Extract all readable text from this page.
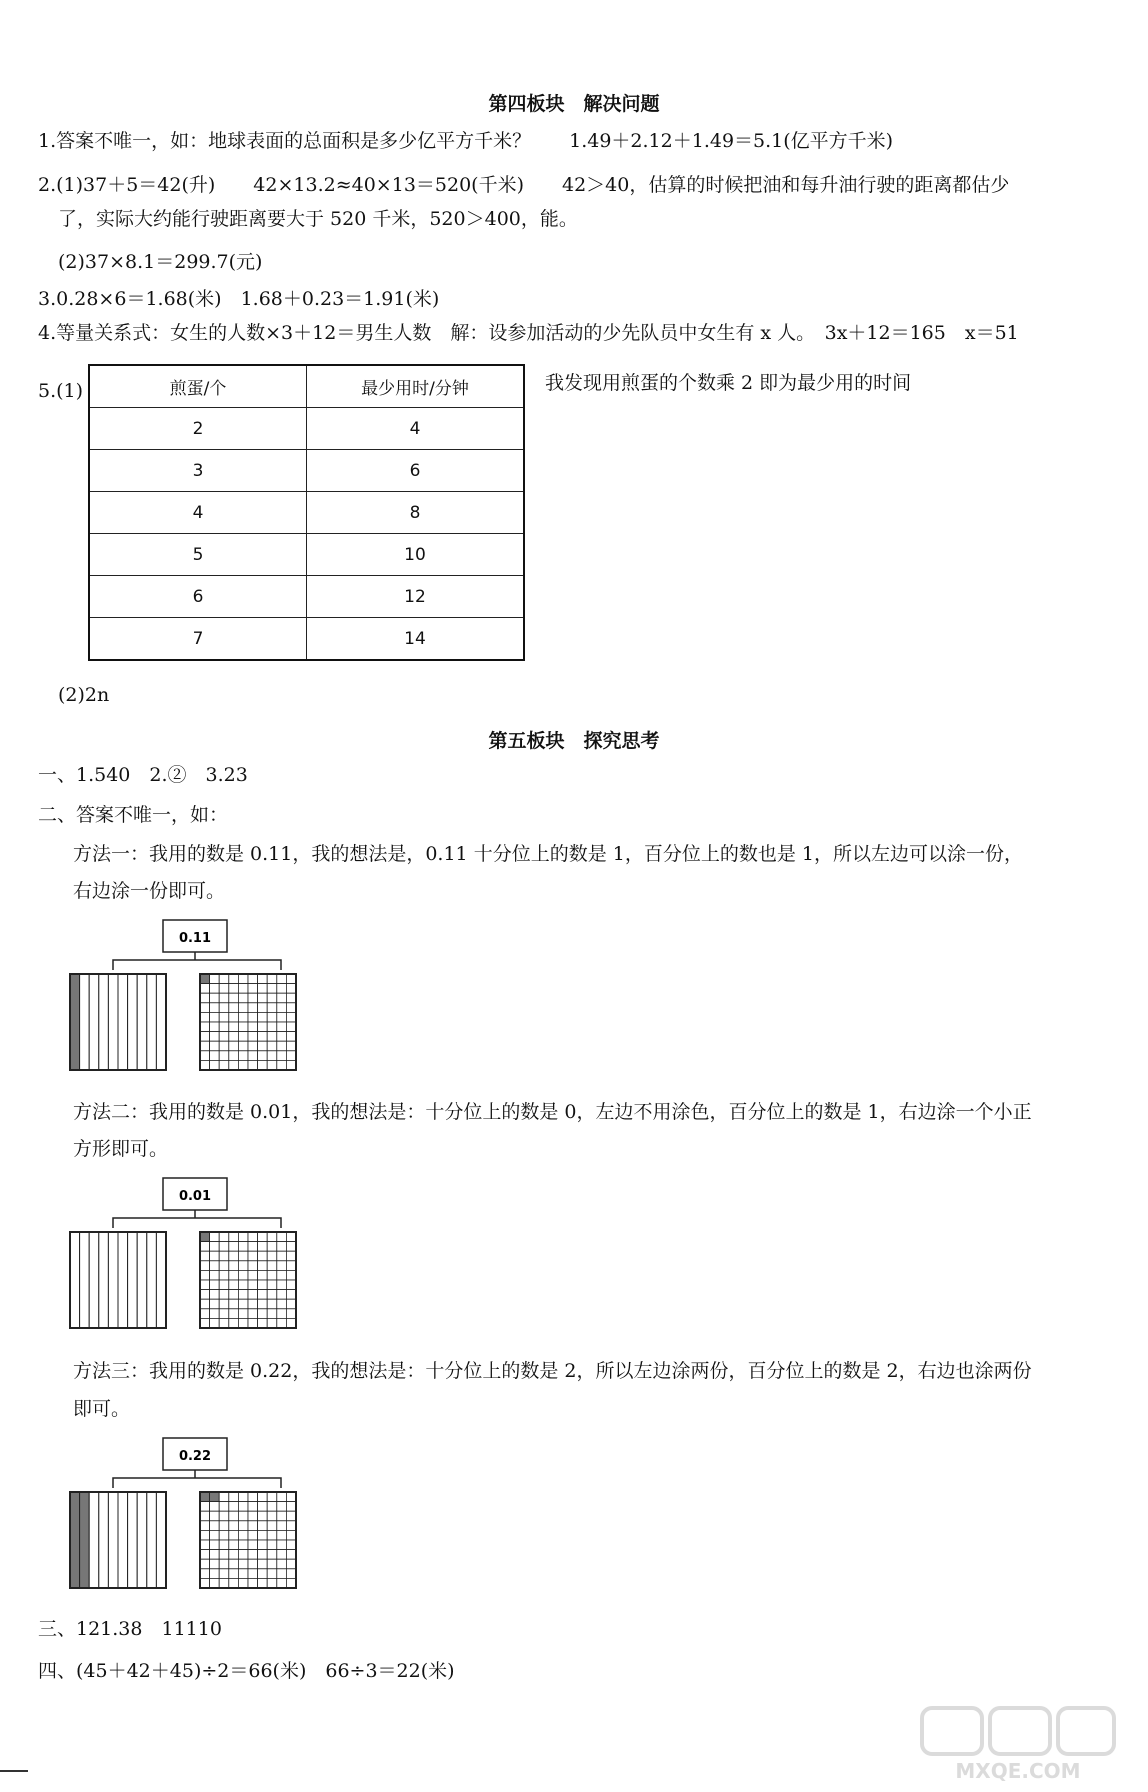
第四板块　解决问题
1.答案不唯一，如：地球表面的总面积是多少亿平方千米？　　1.49＋2.12＋1.49＝5.1(亿平方千米)
2.(1)37＋5＝42(升)　　42×13.2≈40×13＝520(千米)　　42＞40，估算的时候把油和每升油行驶的距离都估少
了，实际大约能行驶距离要大于 520 千米，520＞400，能。
(2)37×8.1＝299.7(元)
3.0.28×6＝1.68(米)　1.68＋0.23＝1.91(米)
4.等量关系式：女生的人数×3＋12＝男生人数　解：设参加活动的少先队员中女生有 x 人。　3x＋12＝165　x＝51
5.(1)	我发现用煎蛋的个数乘 2 即为最少用的时间
煎蛋/个	最少用时/分钟
2	4
3	6
4	8
5	10
6	12
7	14
(2)2n
第五板块　探究思考
一、1.540　2.②　3.23
二、答案不唯一，如：
方法一：我用的数是 0.11，我的想法是，0.11 十分位上的数是 1，百分位上的数也是 1，所以左边可以涂一份，
右边涂一份即可。
0.11
方法二：我用的数是 0.01，我的想法是：十分位上的数是 0，左边不用涂色，百分位上的数是 1，右边涂一个小正
方形即可。
0.01
方法三：我用的数是 0.22，我的想法是：十分位上的数是 2，所以左边涂两份，百分位上的数是 2，右边也涂两份
即可。
0.22
三、121.38　11110
四、(45＋42＋45)÷2＝66(米)　66÷3＝22(米)
MXQE.COM
